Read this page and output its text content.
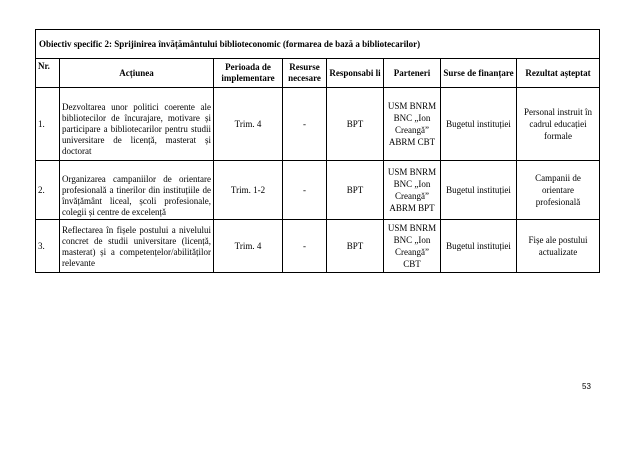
Obiectiv specific 2: Sprijinirea învățământului biblioteconomic (formarea de bază a bibliotecarilor)							
Nr.	Acțiunea	Perioada de implementare	Resurse necesare	Responsabi li	Parteneri	Surse de finanțare	Rezultat așteptat
1.	Dezvoltarea unor politici coerente ale bibliotecilor de încurajare, motivare și participare a bibliotecarilor pentru studii universitare de licență, masterat și doctorat	Trim. 4	-	BPT	USM BNRM BNC „Ion Creangă” ABRM CBT	Bugetul instituției	Personal instruit în cadrul educației formale
2.	Organizarea campaniilor de orientare profesională a tinerilor din instituțiile de învățământ liceal, școli profesionale, colegii și centre de excelență	Trim. 1-2	-	BPT	USM BNRM BNC „Ion Creangă” ABRM BPT	Bugetul instituției	Campanii de orientare profesională
3.	Reflectarea în fișele postului a nivelului concret de studii universitare (licență, masterat) și a competențelor/abilităților relevante	Trim. 4	-	BPT	USM BNRM BNC „Ion Creangă” CBT	Bugetul instituției	Fișe ale postului actualizate
53
